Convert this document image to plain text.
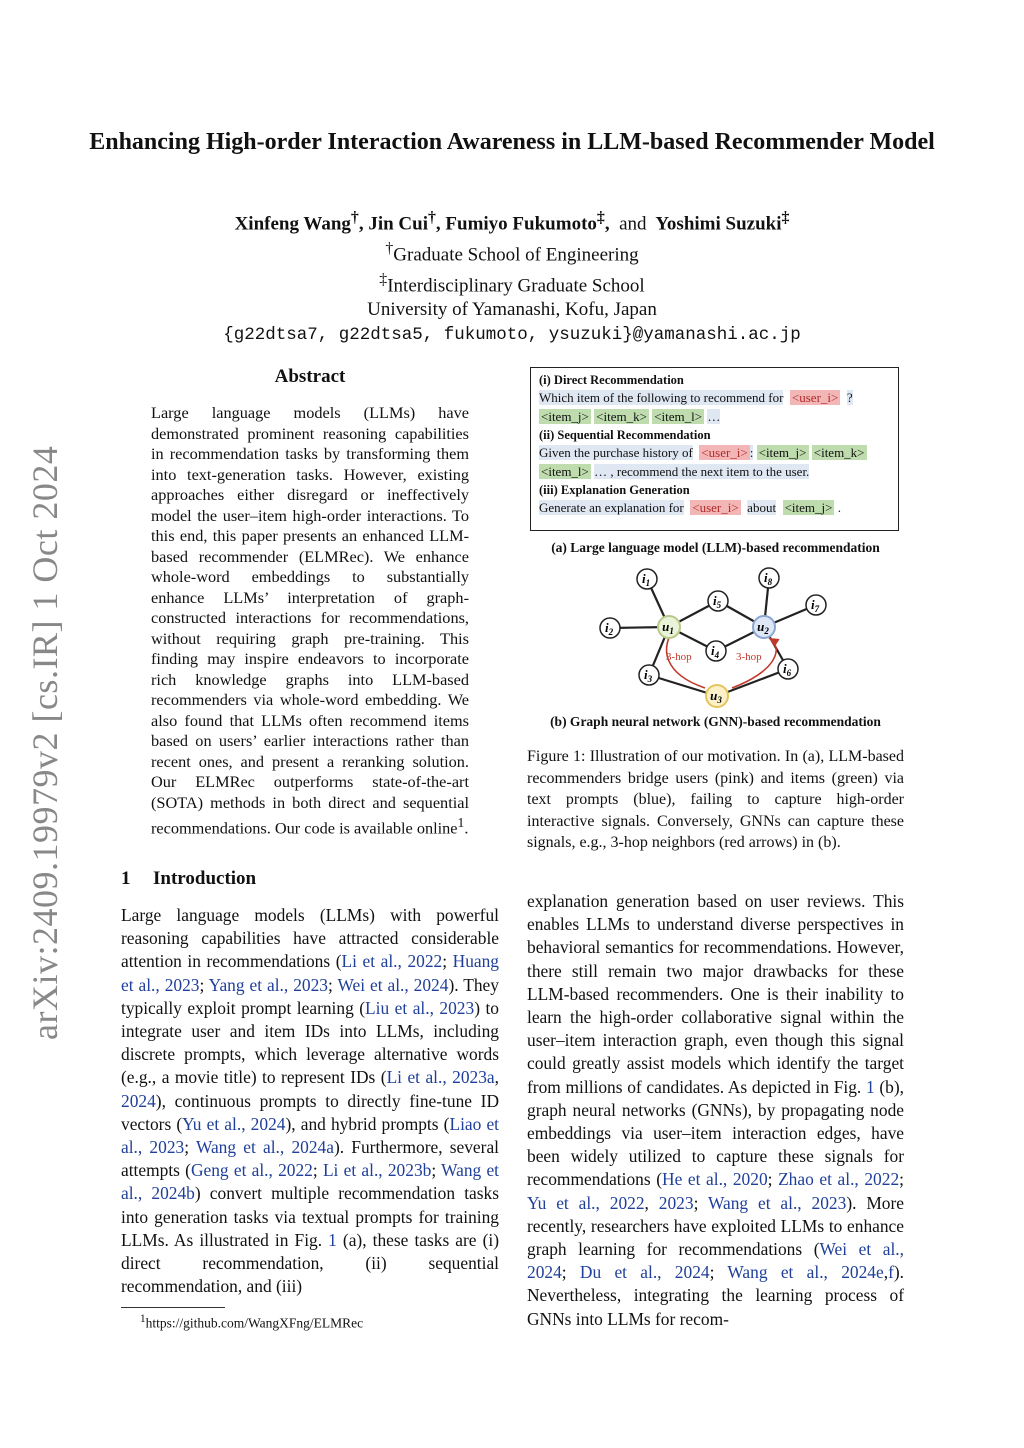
arXiv:2409.19979v2 [cs.IR] 1 Oct 2024
Enhancing High-order Interaction Awareness in LLM-based Recommender Model
Xinfeng Wang†, Jin Cui†, Fumiyo Fukumoto‡,  and Yoshimi Suzuki‡
†Graduate School of Engineering
‡Interdisciplinary Graduate School
University of Yamanashi, Kofu, Japan
{g22dtsa7, g22dtsa5, fukumoto, ysuzuki}@yamanashi.ac.jp
Abstract
Large language models (LLMs) have demonstrated prominent reasoning capabilities in recommendation tasks by transforming them into text-generation tasks. However, existing approaches either disregard or ineffectively model the user–item high-order interactions. To this end, this paper presents an enhanced LLM-based recommender (ELMRec). We enhance whole-word embeddings to substantially enhance LLMs’ interpretation of graph-constructed interactions for recommendations, without requiring graph pre-training. This finding may inspire endeavors to incorporate rich knowledge graphs into LLM-based recommenders via whole-word embedding. We also found that LLMs often recommend items based on users’ earlier interactions rather than recent ones, and present a reranking solution. Our ELMRec outperforms state-of-the-art (SOTA) methods in both direct and sequential recommendations. Our code is available online$^1$.
1 Introduction
Large language models (LLMs) with powerful reasoning capabilities have attracted considerable attention in recommendations (Li et al., 2022; Huang et al., 2023; Yang et al., 2023; Wei et al., 2024). They typically exploit prompt learning (Liu et al., 2023) to integrate user and item IDs into LLMs, including discrete prompts, which leverage alternative words (e.g., a movie title) to represent IDs (Li et al., 2023a, 2024), continuous prompts to directly fine-tune ID vectors (Yu et al., 2024), and hybrid prompts (Liao et al., 2023; Wang et al., 2024a). Furthermore, several attempts (Geng et al., 2022; Li et al., 2023b; Wang et al., 2024b) convert multiple recommendation tasks into generation tasks via textual prompts for training LLMs. As illustrated in Fig. 1 (a), these tasks are (i) direct recommendation, (ii) sequential recommendation, and (iii)
explanation generation based on user reviews. This enables LLMs to understand diverse perspectives in behavioral semantics for recommendations. However, there still remain two major drawbacks for these LLM-based recommenders. One is their inability to learn the high-order collaborative signal within the user–item interaction graph, even though this signal could greatly assist models which identify the target from millions of candidates. As depicted in Fig. 1 (b), graph neural networks (GNNs), by propagating node embeddings via user–item interaction edges, have been widely utilized to capture these signals for recommendations (He et al., 2020; Zhao et al., 2022; Yu et al., 2022, 2023; Wang et al., 2023). More recently, researchers have exploited LLMs to enhance graph learning for recommendations (Wei et al., 2024; Du et al., 2024; Wang et al., 2024e,f). Nevertheless, integrating the learning process of GNNs into LLMs for recom-
$^1$https://github.com/WangXFng/ELMRec
(i) Direct Recommendation
Which item of the following to recommend for <user_i> ?
<item_j> <item_k> <item_l> …
(ii) Sequential Recommendation
Given the purchase history of <user_i> : <item_j> <item_k>
<item_l> … , recommend the next item to the user.
(iii) Explanation Generation
Generate an explanation for <user_i> about <item_j> .
(a) Large language model (LLM)-based recommendation
3-hop	3-hop
$i_1$
$i_2$
$i_3$
$i_4$
$i_5$
$i_6$
$i_7$
$i_8$
$u_1$	$u_2$
$u_3$
(b) Graph neural network (GNN)-based recommendation
Figure 1: Illustration of our motivation. In (a), LLM-based recommenders bridge users (pink) and items (green) via text prompts (blue), failing to capture high-order interactive signals. Conversely, GNNs can capture these signals, e.g., 3-hop neighbors (red arrows) in (b).
